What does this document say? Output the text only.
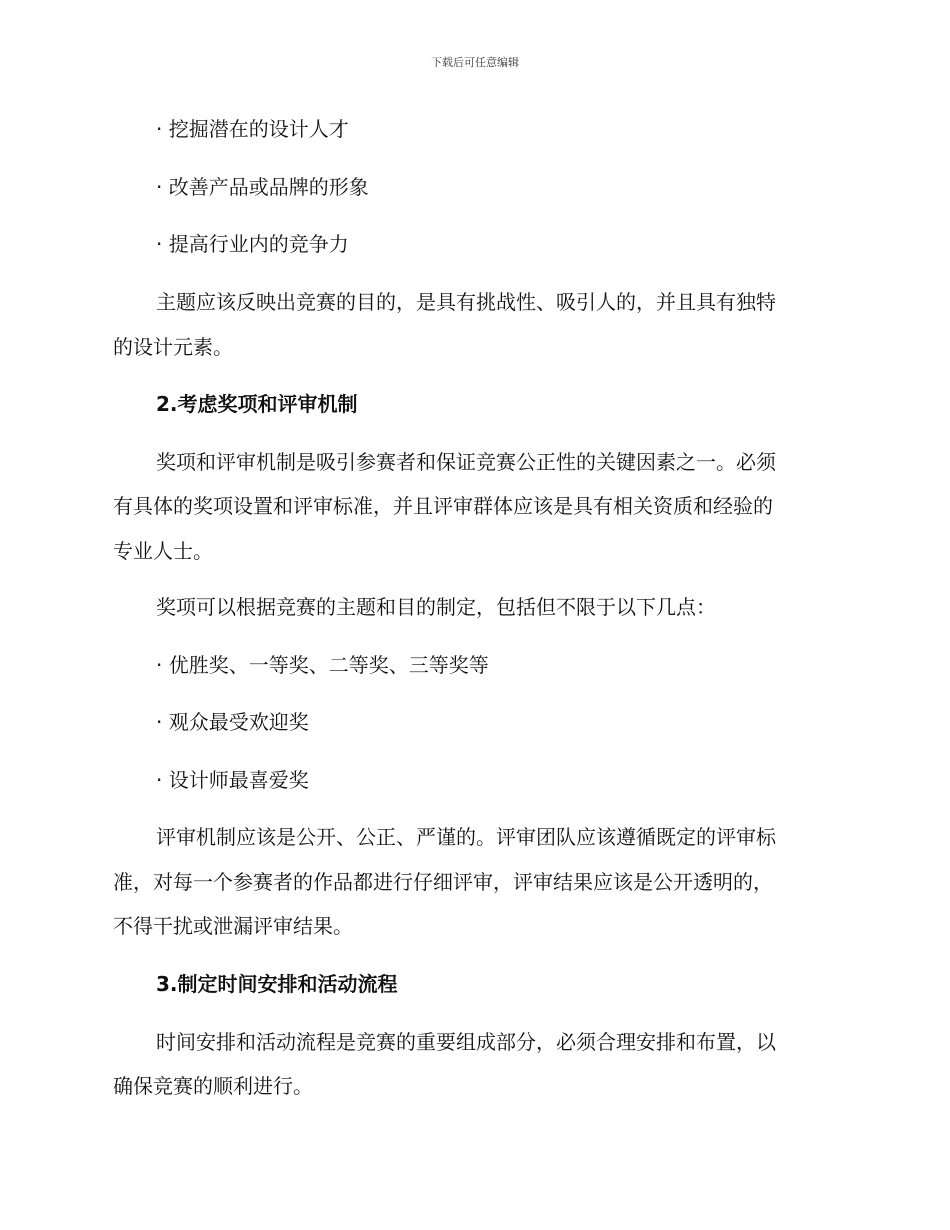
下载后可任意编辑
· 挖掘潜在的设计人才
· 改善产品或品牌的形象
· 提高行业内的竞争力
主题应该反映出竞赛的目的，是具有挑战性、吸引人的，并且具有独特
的设计元素。
2.考虑奖项和评审机制
奖项和评审机制是吸引参赛者和保证竞赛公正性的关键因素之一。必须
有具体的奖项设置和评审标准，并且评审群体应该是具有相关资质和经验的
专业人士。
奖项可以根据竞赛的主题和目的制定，包括但不限于以下几点：
· 优胜奖、一等奖、二等奖、三等奖等
· 观众最受欢迎奖
· 设计师最喜爱奖
评审机制应该是公开、公正、严谨的。评审团队应该遵循既定的评审标
准，对每一个参赛者的作品都进行仔细评审，评审结果应该是公开透明的，
不得干扰或泄漏评审结果。
3.制定时间安排和活动流程
时间安排和活动流程是竞赛的重要组成部分，必须合理安排和布置，以
确保竞赛的顺利进行。
